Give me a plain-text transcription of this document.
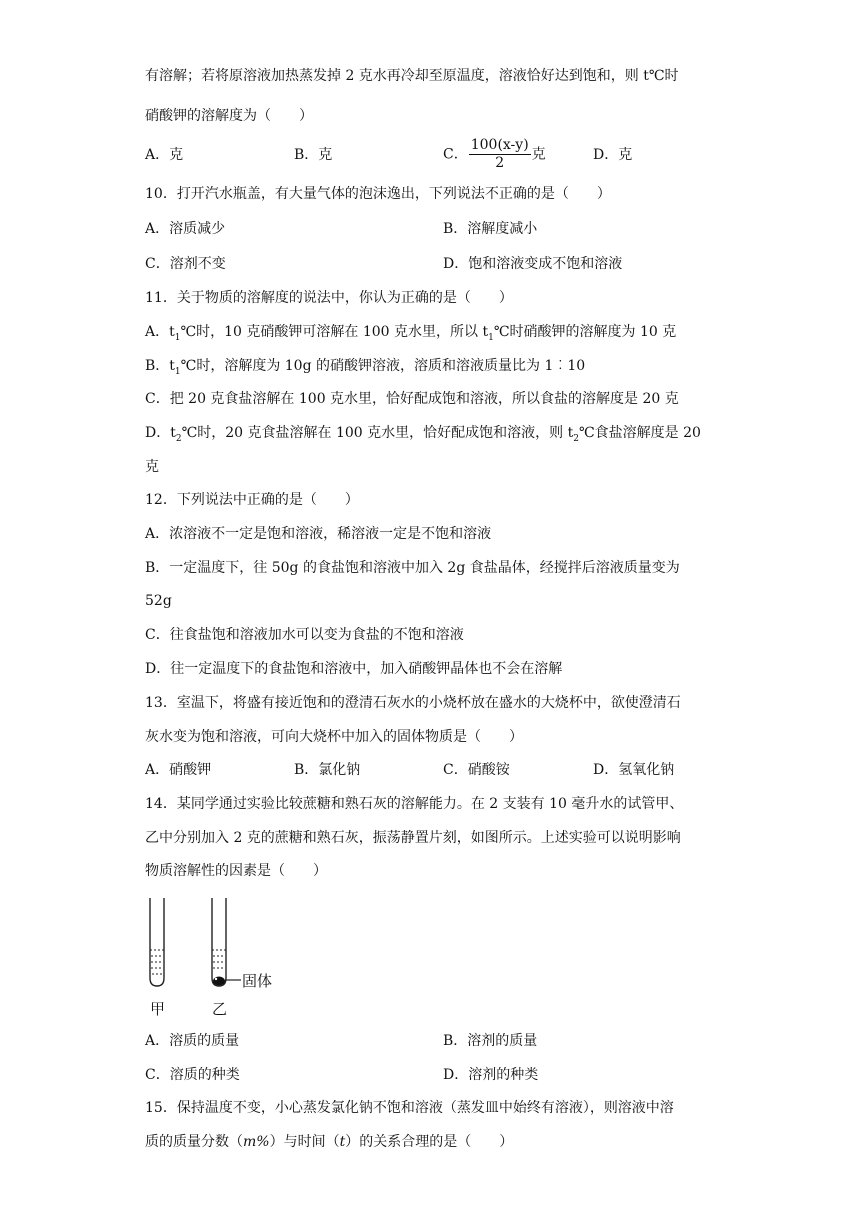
有溶解；若将原溶液加热蒸发掉 2 克水再冷却至原温度，溶液恰好达到饱和，则 t℃时
硝酸钾的溶解度为（　　）
A．克	B．克	C． $\frac{100(x-y)}{2}$ 克	D．克
10．打开汽水瓶盖，有大量气体的泡沫逸出，下列说法不正确的是（　　）
A．溶质减少	B．溶解度减小
C．溶剂不变	D．饱和溶液变成不饱和溶液
11．关于物质的溶解度的说法中，你认为正确的是（　　）
A．$t_1℃$时，10 克硝酸钾可溶解在 100 克水里，所以 $t_1℃$时硝酸钾的溶解度为 10 克
B．$t_1℃$时，溶解度为 10g 的硝酸钾溶液，溶质和溶液质量比为 1︰10
C．把 20 克食盐溶解在 100 克水里，恰好配成饱和溶液，所以食盐的溶解度是 20 克
D．$t_2℃$时，20 克食盐溶解在 100 克水里，恰好配成饱和溶液，则 $t_2℃$食盐溶解度是 20
克
12．下列说法中正确的是（　　）
A．浓溶液不一定是饱和溶液，稀溶液一定是不饱和溶液
B．一定温度下，往 50g 的食盐饱和溶液中加入 2g 食盐晶体，经搅拌后溶液质量变为
52g
C．往食盐饱和溶液加水可以变为食盐的不饱和溶液
D．往一定温度下的食盐饱和溶液中，加入硝酸钾晶体也不会在溶解
13．室温下，将盛有接近饱和的澄清石灰水的小烧杯放在盛水的大烧杯中，欲使澄清石
灰水变为饱和溶液，可向大烧杯中加入的固体物质是（　　）
A．硝酸钾	B．氯化钠	C．硝酸铵	D．氢氧化钠
14．某同学通过实验比较蔗糖和熟石灰的溶解能力。在 2 支装有 10 毫升水的试管甲、
乙中分别加入 2 克的蔗糖和熟石灰，振荡静置片刻，如图所示。上述实验可以说明影响
物质溶解性的因素是（　　）
固体
甲	乙
A．溶质的质量	B．溶剂的质量
C．溶质的种类	D．溶剂的种类
15．保持温度不变，小心蒸发氯化钠不饱和溶液（蒸发皿中始终有溶液），则溶液中溶
质的质量分数（m%）与时间（t）的关系合理的是（　　）
